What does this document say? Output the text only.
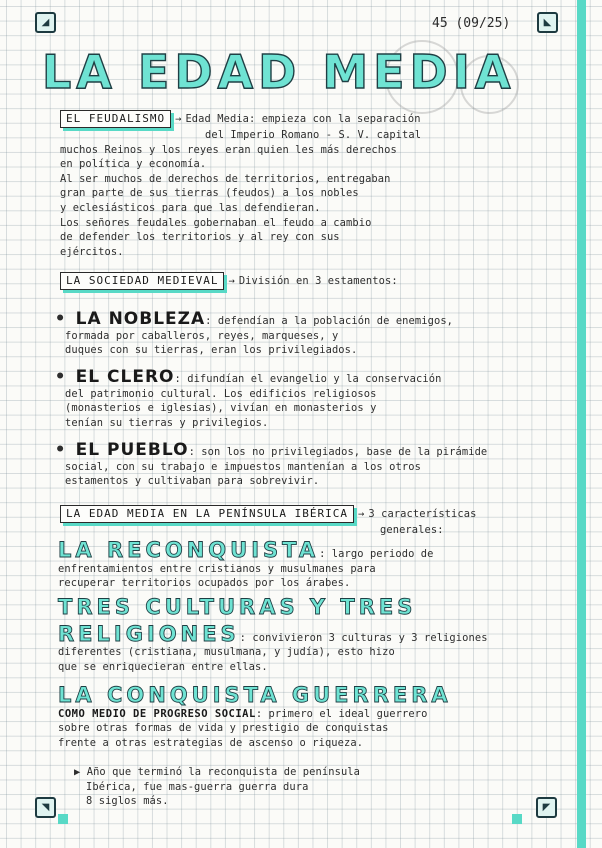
◢	◣
◥	◤
45 (09/25)
LA EDAD MEDIA

EL FEUDALISMO → Edad Media: empieza con la separación

del Imperio Romano - S. V. capital

muchos Reinos y los reyes eran quien les más derechos

en política y economía.

Al ser muchos de derechos de territorios, entregaban

gran parte de sus tierras (feudos) a los nobles

y eclesiásticos para que las defendieran.

Los señores feudales gobernaban el feudo a cambio

de defender los territorios y al rey con sus

ejércitos.

LA SOCIEDAD MEDIEVAL → División en 3 estamentos:

• LA NOBLEZA: defendían a la población de enemigos,

formada por caballeros, reyes, marqueses, y

duques con su tierras, eran los privilegiados.

• EL CLERO: difundían el evangelio y la conservación

del patrimonio cultural. Los edificios religiosos

(monasterios e iglesias), vivían en monasterios y

tenían su tierras y privilegios.

• EL PUEBLO: son los no privilegiados, base de la pirámide

social, con su trabajo e impuestos mantenían a los otros

estamentos y cultivaban para sobrevivir.

LA EDAD MEDIA EN LA PENÍNSULA IBÉRICA → 3 características

generales:

LA RECONQUISTA: largo periodo de

enfrentamientos entre cristianos y musulmanes para

recuperar territorios ocupados por los árabes.

TRES CULTURAS Y TRES

RELIGIONES: convivieron 3 culturas y 3 religiones

diferentes (cristiana, musulmana, y judía), esto hizo

que se enriquecieran entre ellas.

LA CONQUISTA GUERRERA

COMO MEDIO DE PROGRESO SOCIAL: primero el ideal guerrero

sobre otras formas de vida y prestigio de conquistas

frente a otras estrategias de ascenso o riqueza.

▶ Año que terminó la reconquista de península

Ibérica, fue mas-guerra guerra dura

8 siglos más.
